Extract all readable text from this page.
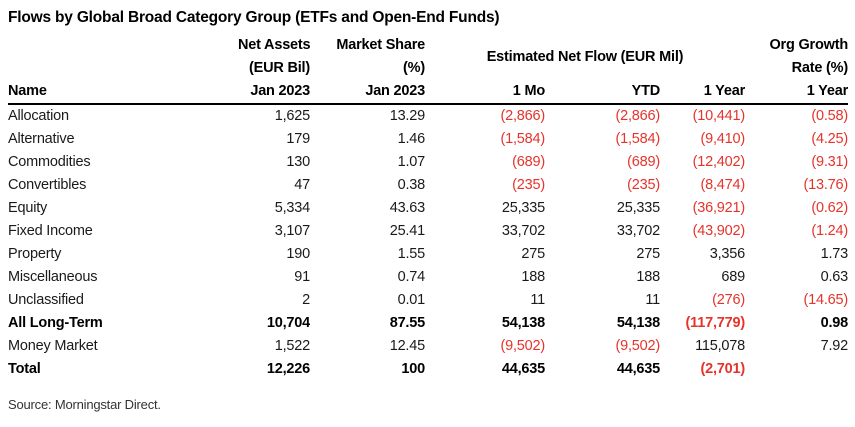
Flows by Global Broad Category Group (ETFs and Open-End Funds)
	Net Assets	Market Share	Estimated Net Flow (EUR Mil)			Org Growth
	(EUR Bil)	(%)				Rate (%)
Name	Jan 2023	Jan 2023	1 Mo	YTD	1 Year	1 Year
Allocation	1,625	13.29	(2,866)	(2,866)	(10,441)	(0.58)
Alternative	179	1.46	(1,584)	(1,584)	(9,410)	(4.25)
Commodities	130	1.07	(689)	(689)	(12,402)	(9.31)
Convertibles	47	0.38	(235)	(235)	(8,474)	(13.76)
Equity	5,334	43.63	25,335	25,335	(36,921)	(0.62)
Fixed Income	3,107	25.41	33,702	33,702	(43,902)	(1.24)
Property	190	1.55	275	275	3,356	1.73
Miscellaneous	91	0.74	188	188	689	0.63
Unclassified	2	0.01	11	11	(276)	(14.65)
All Long-Term	10,704	87.55	54,138	54,138	(117,779)	0.98
Money Market	1,522	12.45	(9,502)	(9,502)	115,078	7.92
Total	12,226	100	44,635	44,635	(2,701)	
Source: Morningstar Direct.
